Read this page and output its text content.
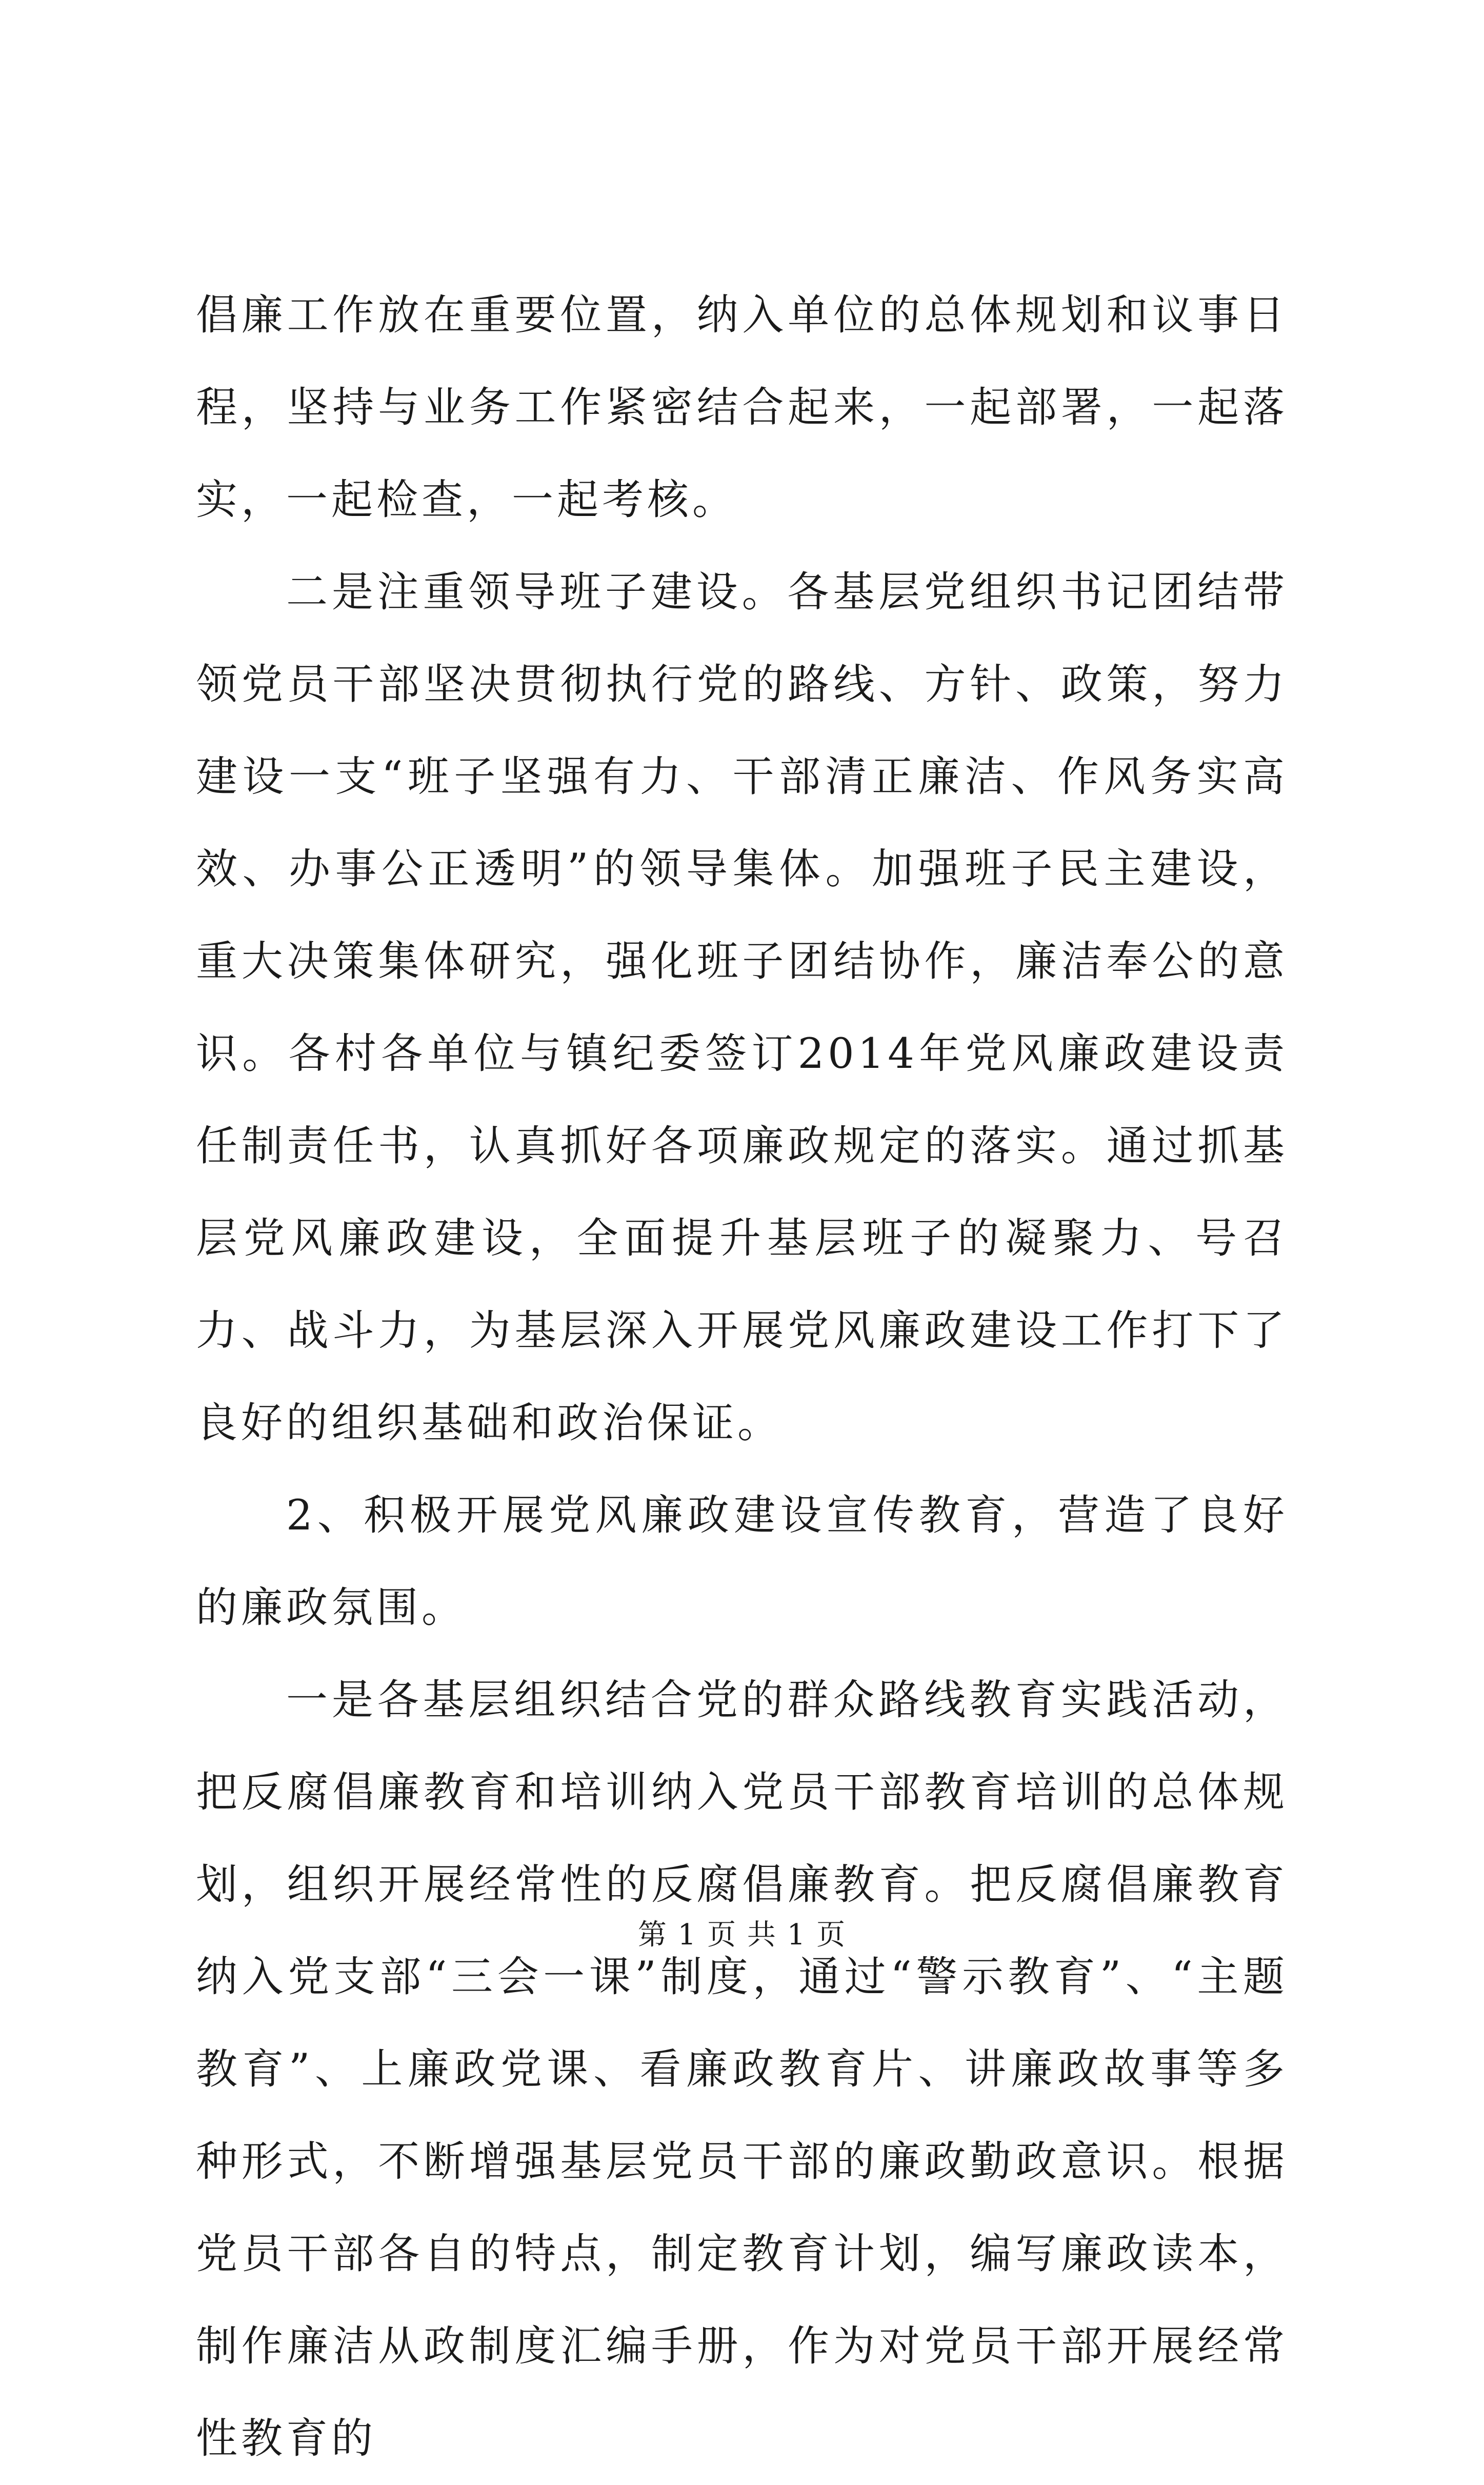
倡廉工作放在重要位置，纳入单位的总体规划和议事日程，坚持与业务工作紧密结合起来，一起部署，一起落实，一起检查，一起考核。

二是注重领导班子建设。各基层党组织书记团结带领党员干部坚决贯彻执行党的路线、方针、政策，努力建设一支“班子坚强有力、干部清正廉洁、作风务实高效、办事公正透明”的领导集体。加强班子民主建设，重大决策集体研究，强化班子团结协作，廉洁奉公的意识。各村各单位与镇纪委签订2014年党风廉政建设责任制责任书，认真抓好各项廉政规定的落实。通过抓基层党风廉政建设，全面提升基层班子的凝聚力、号召力、战斗力，为基层深入开展党风廉政建设工作打下了良好的组织基础和政治保证。

2、积极开展党风廉政建设宣传教育，营造了良好的廉政氛围。

一是各基层组织结合党的群众路线教育实践活动，把反腐倡廉教育和培训纳入党员干部教育培训的总体规划，组织开展经常性的反腐倡廉教育。把反腐倡廉教育纳入党支部“三会一课”制度，通过“警示教育”、“主题教育”、上廉政党课、看廉政教育片、讲廉政故事等多种形式，不断增强基层党员干部的廉政勤政意识。根据党员干部各自的特点，制定教育计划，编写廉政读本，制作廉洁从政制度汇编手册，作为对党员干部开展经常性教育的

第 1 页 共 1 页
